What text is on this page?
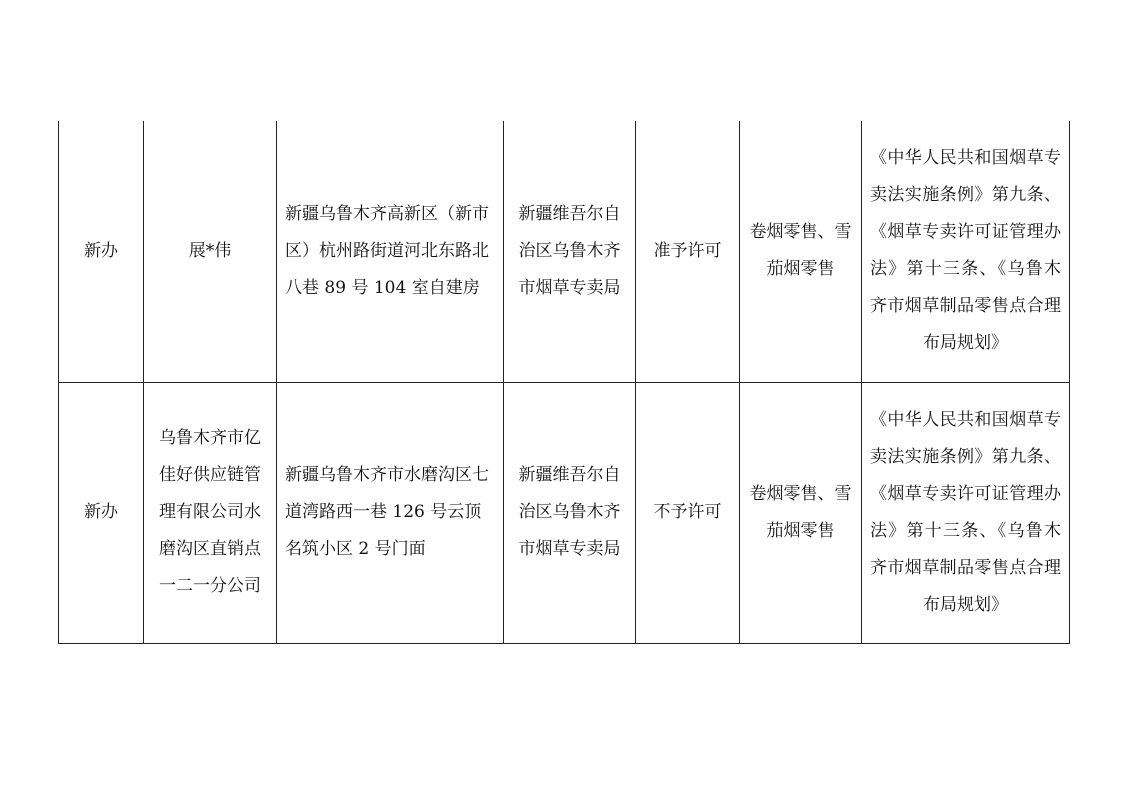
新办	展*伟	新疆乌鲁木齐高新区（新市区）杭州路街道河北东路北八巷 89 号 104 室自建房	新疆维吾尔自治区乌鲁木齐市烟草专卖局	准予许可	卷烟零售、雪茄烟零售	《中华人民共和国烟草专卖法实施条例》第九条、《烟草专卖许可证管理办法》第十三条、《乌鲁木齐市烟草制品零售点合理布局规划》

新办	乌鲁木齐市亿佳好供应链管理有限公司水磨沟区直销点一二一分公司	新疆乌鲁木齐市水磨沟区七道湾路西一巷 126 号云顶名筑小区 2 号门面	新疆维吾尔自治区乌鲁木齐市烟草专卖局	不予许可	卷烟零售、雪茄烟零售	《中华人民共和国烟草专卖法实施条例》第九条、《烟草专卖许可证管理办法》第十三条、《乌鲁木齐市烟草制品零售点合理布局规划》
